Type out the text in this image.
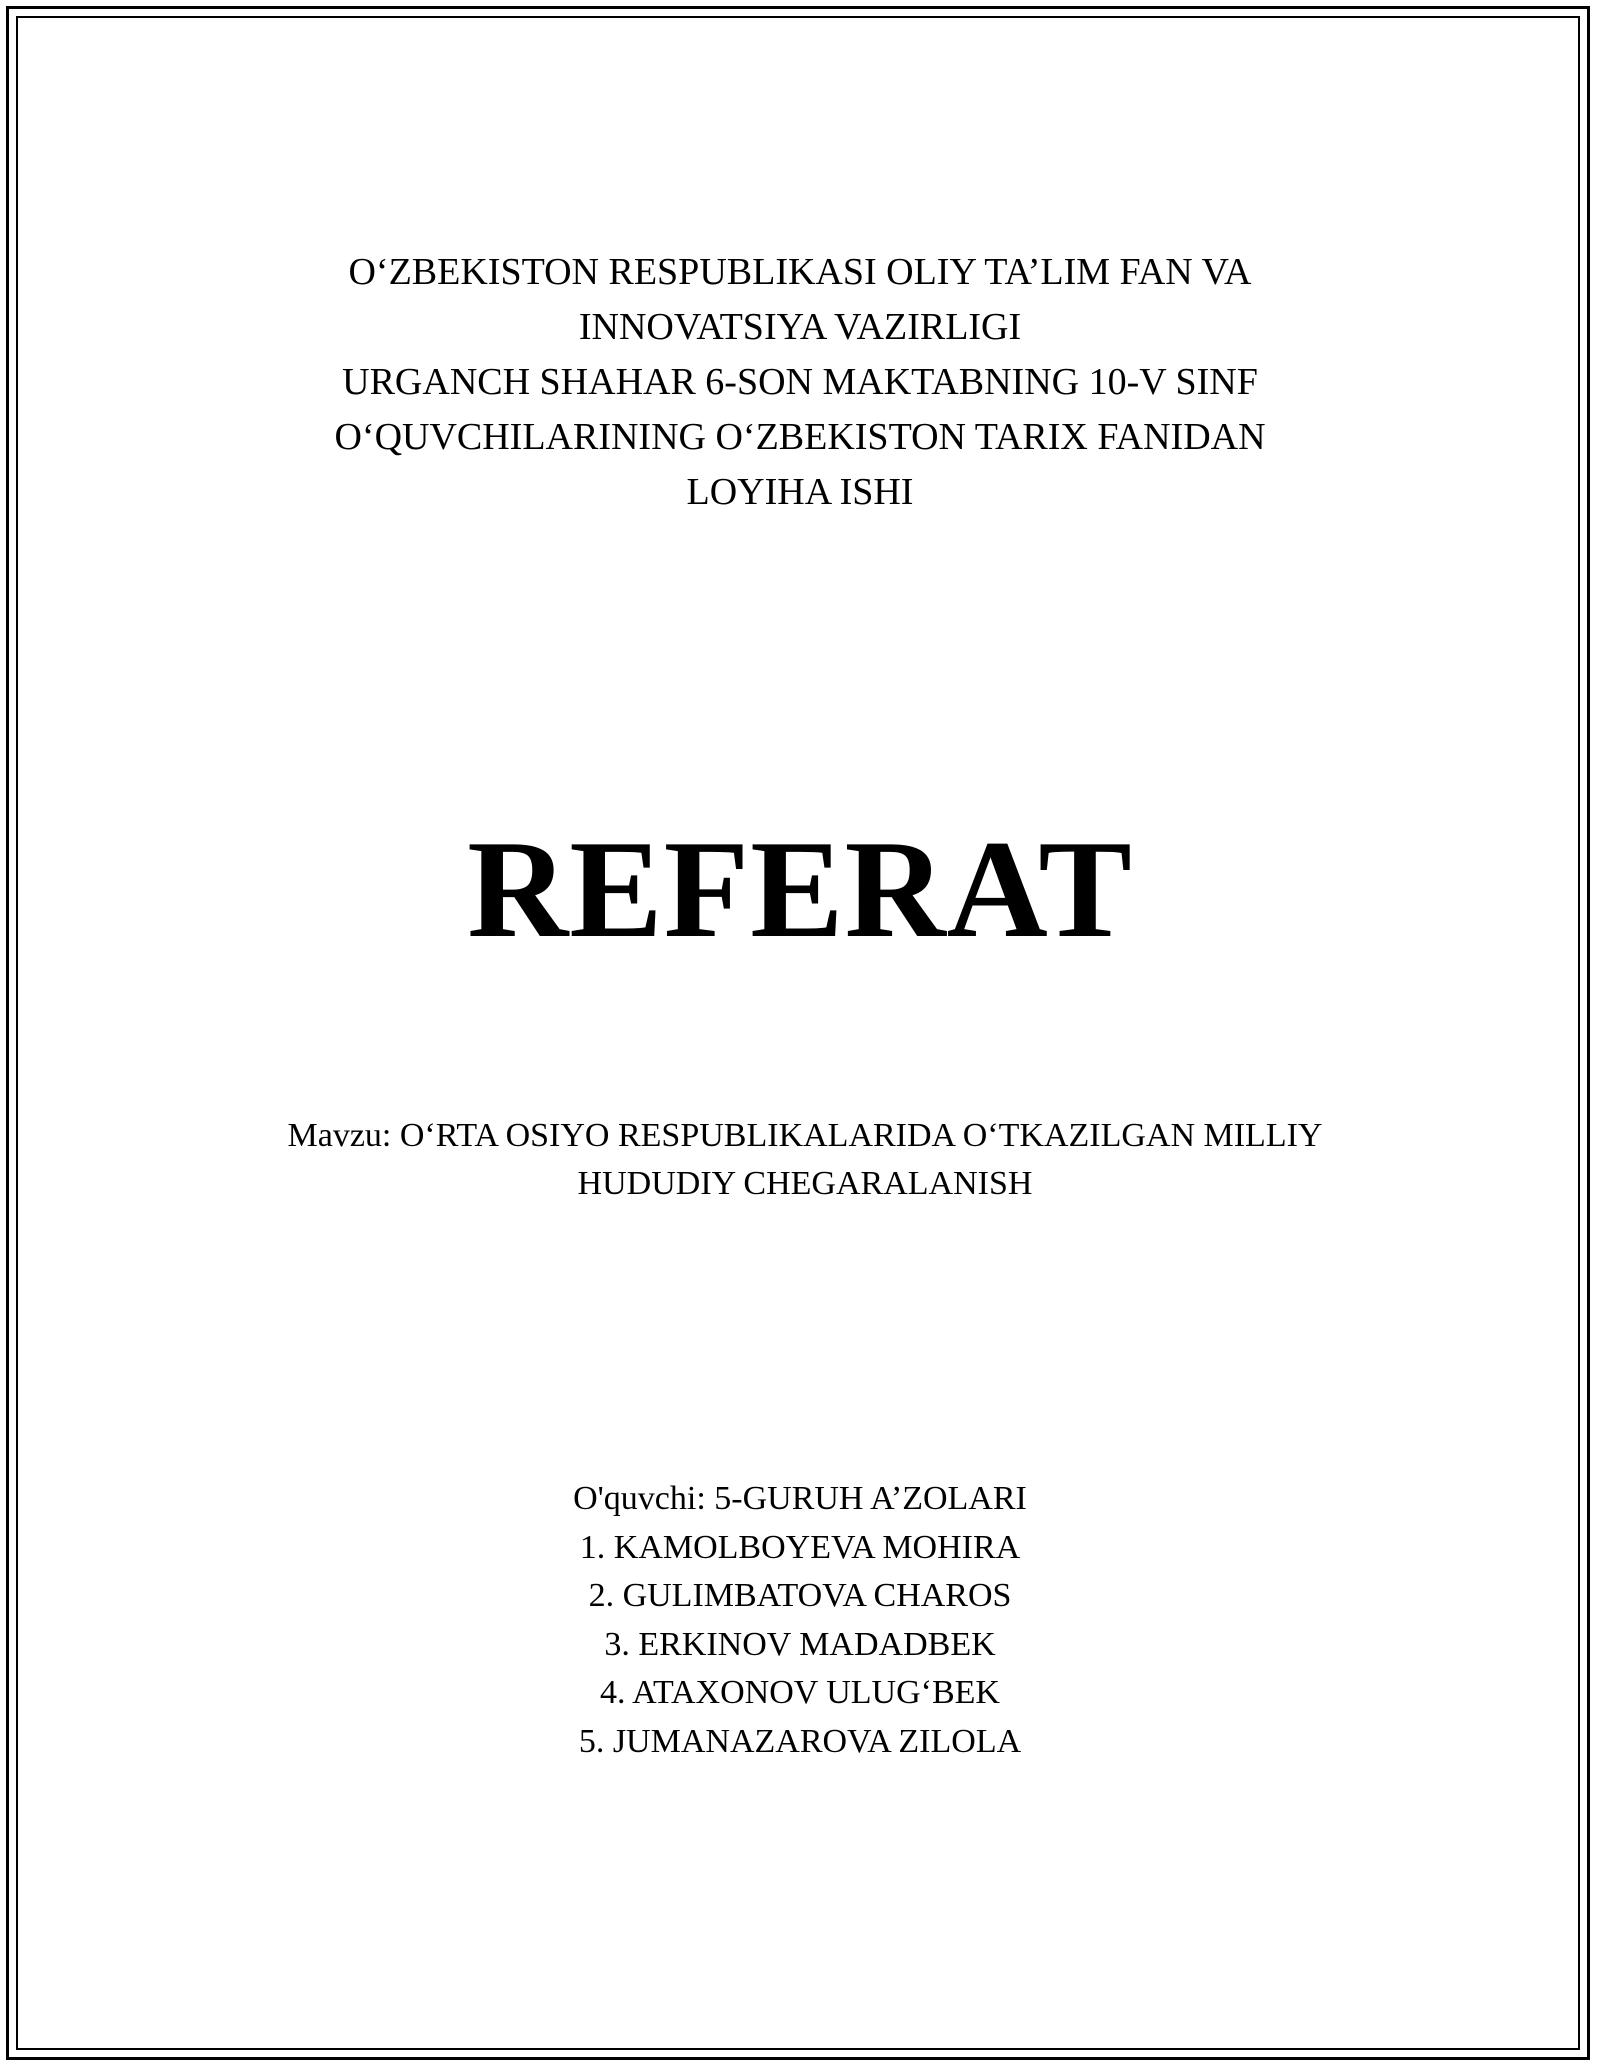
O‘ZBEKISTON RESPUBLIKASI OLIY TA’LIM FAN VA
INNOVATSIYA VAZIRLIGI
URGANCH SHAHAR 6-SON MAKTABNING 10-V SINF
O‘QUVCHILARINING O‘ZBEKISTON TARIX FANIDAN
LOYIHA ISHI
REFERAT
Mavzu: O‘RTA OSIYO RESPUBLIKALARIDA O‘TKAZILGAN MILLIY
HUDUDIY CHEGARALANISH
O'quvchi: 5-GURUH A’ZOLARI
1. KAMOLBOYEVA MOHIRA
2. GULIMBATOVA CHAROS
3. ERKINOV MADADBEK
4. ATAXONOV ULUG‘BEK
5. JUMANAZAROVA ZILOLA
